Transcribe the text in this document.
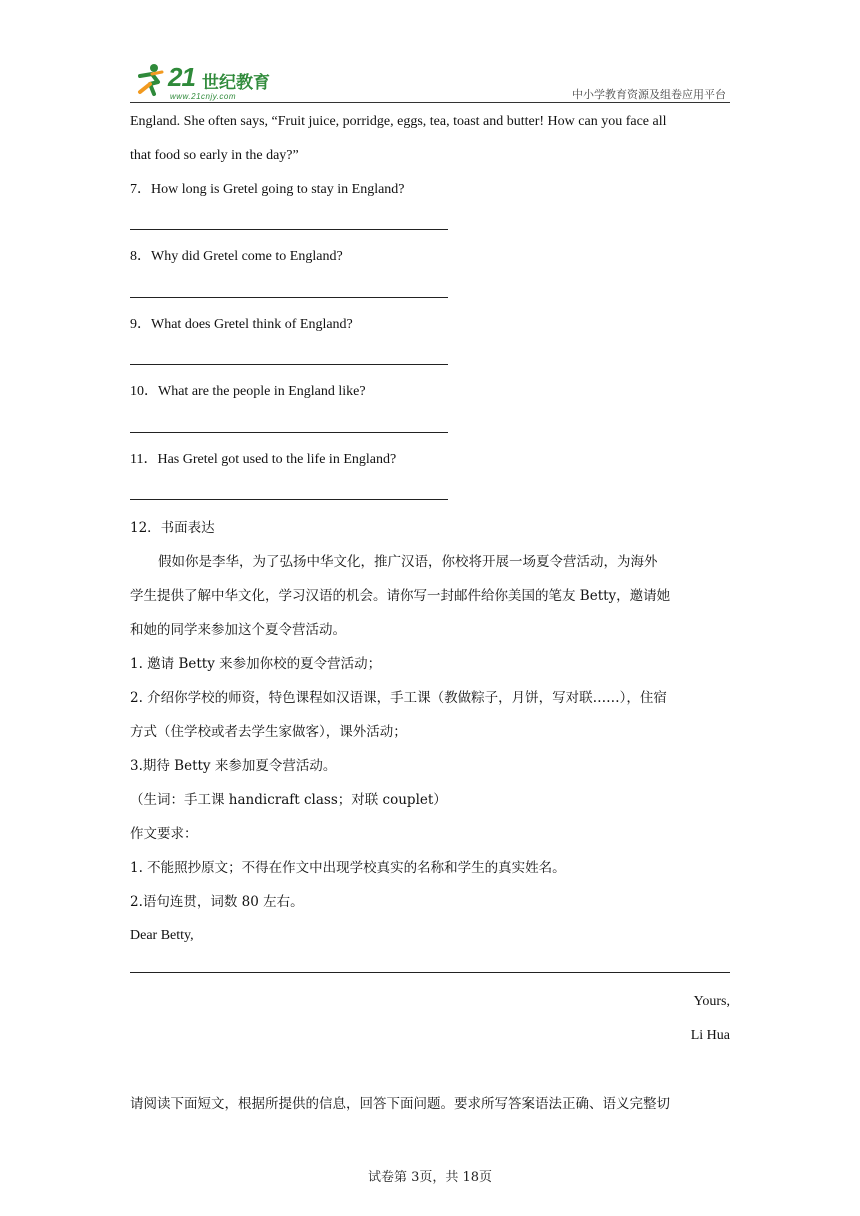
21 世纪教育
www.21cnjy.com	中小学教育资源及组卷应用平台
England. She often says, “Fruit juice, porridge, eggs, tea, toast and butter! How can you face all
that food so early in the day?”
7．How long is Gretel going to stay in England?
8．Why did Gretel come to England?
9．What does Gretel think of England?
10．What are the people in England like?
11．Has Gretel got used to the life in England?
12．书面表达
假如你是李华，为了弘扬中华文化，推广汉语，你校将开展一场夏令营活动，为海外
学生提供了解中华文化，学习汉语的机会。请你写一封邮件给你美国的笔友 Betty，邀请她
和她的同学来参加这个夏令营活动。
1. 邀请 Betty 来参加你校的夏令营活动；
2. 介绍你学校的师资，特色课程如汉语课，手工课（教做粽子，月饼，写对联……），住宿
方式（住学校或者去学生家做客），课外活动；
3.期待 Betty 来参加夏令营活动。
（生词：手工课 handicraft class；对联 couplet）
作文要求：
1. 不能照抄原文；不得在作文中出现学校真实的名称和学生的真实姓名。
2.语句连贯，词数 80 左右。
Dear Betty,
Yours,
Li Hua
请阅读下面短文，根据所提供的信息，回答下面问题。要求所写答案语法正确、语义完整切
试卷第 3页，共 18页
